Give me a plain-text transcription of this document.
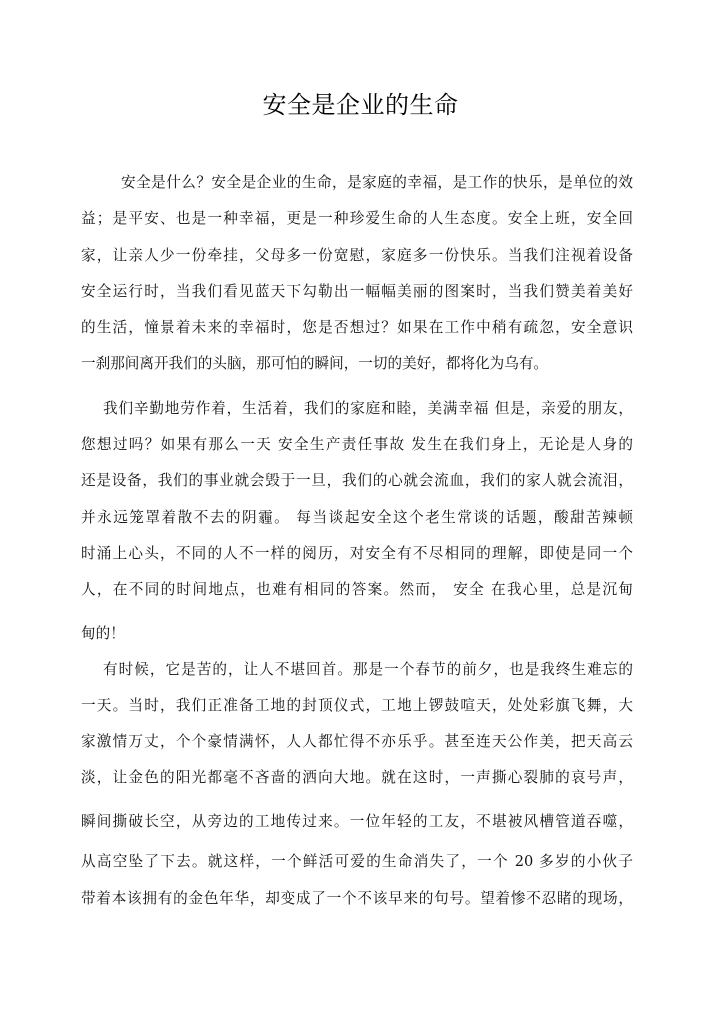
安全是企业的生命
安全是什么？安全是企业的生命，是家庭的幸福，是工作的快乐，是单位的效
益；是平安、也是一种幸福，更是一种珍爱生命的人生态度。安全上班，安全回
家，让亲人少一份牵挂，父母多一份宽慰，家庭多一份快乐。当我们注视着设备
安全运行时，当我们看见蓝天下勾勒出一幅幅美丽的图案时，当我们赞美着美好
的生活，憧景着未来的幸福时，您是否想过？如果在工作中稍有疏忽，安全意识
一刹那间离开我们的头脑，那可怕的瞬间，一切的美好，都将化为乌有。
我们辛勤地劳作着，生活着，我们的家庭和睦，美满幸福 但是，亲爱的朋友，
您想过吗？如果有那么一天 安全生产责任事故 发生在我们身上，无论是人身的
还是设备，我们的事业就会毁于一旦，我们的心就会流血，我们的家人就会流泪，
并永远笼罩着散不去的阴霾。 每当谈起安全这个老生常谈的话题，酸甜苦辣顿
时涌上心头，不同的人不一样的阅历，对安全有不尽相同的理解，即使是同一个
人，在不同的时间地点，也难有相同的答案。然而， 安全 在我心里，总是沉甸
甸的！
有时候，它是苦的，让人不堪回首。那是一个春节的前夕，也是我终生难忘的
一天。当时，我们正准备工地的封顶仪式，工地上锣鼓喧天，处处彩旗飞舞，大
家激情万丈，个个豪情满怀，人人都忙得不亦乐乎。甚至连天公作美，把天高云
淡，让金色的阳光都毫不吝啬的洒向大地。就在这时，一声撕心裂肺的哀号声，
瞬间撕破长空，从旁边的工地传过来。一位年轻的工友，不堪被风槽管道吞噬，
从高空坠了下去。就这样，一个鲜活可爱的生命消失了，一个 20 多岁的小伙子
带着本该拥有的金色年华，却变成了一个不该早来的句号。望着惨不忍睹的现场，
